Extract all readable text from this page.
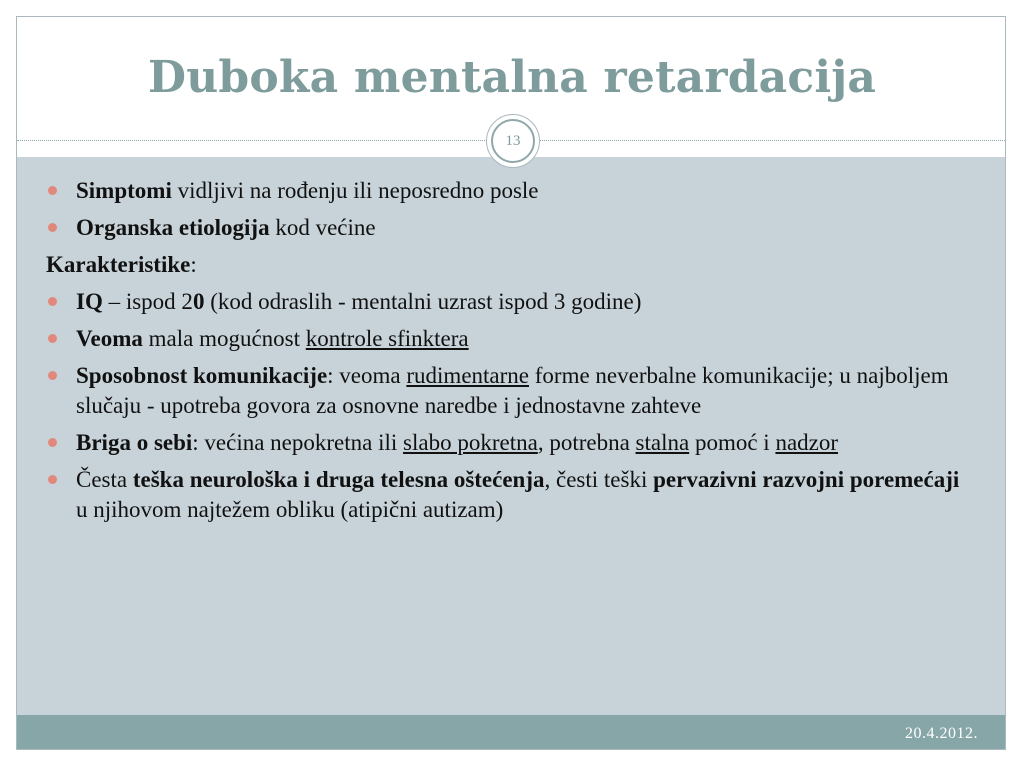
Duboka mentalna retardacija
20.4.2012.
13
Simptomi vidljivi na rođenju ili neposredno posle
Organska etiologija kod većine
Karakteristike:
IQ – ispod 20 (kod odraslih - mentalni uzrast ispod 3 godine)
Veoma mala mogućnost kontrole sfinktera
Sposobnost komunikacije: veoma rudimentarne forme neverbalne komunikacije; u najboljem slučaju - upotreba govora za osnovne naredbe i jednostavne zahteve
Briga o sebi: većina nepokretna ili slabo pokretna, potrebna stalna pomoć i nadzor
Česta teška neurološka i druga telesna oštećenja, česti teški pervazivni razvojni poremećaji u njihovom najtežem obliku (atipični autizam)
